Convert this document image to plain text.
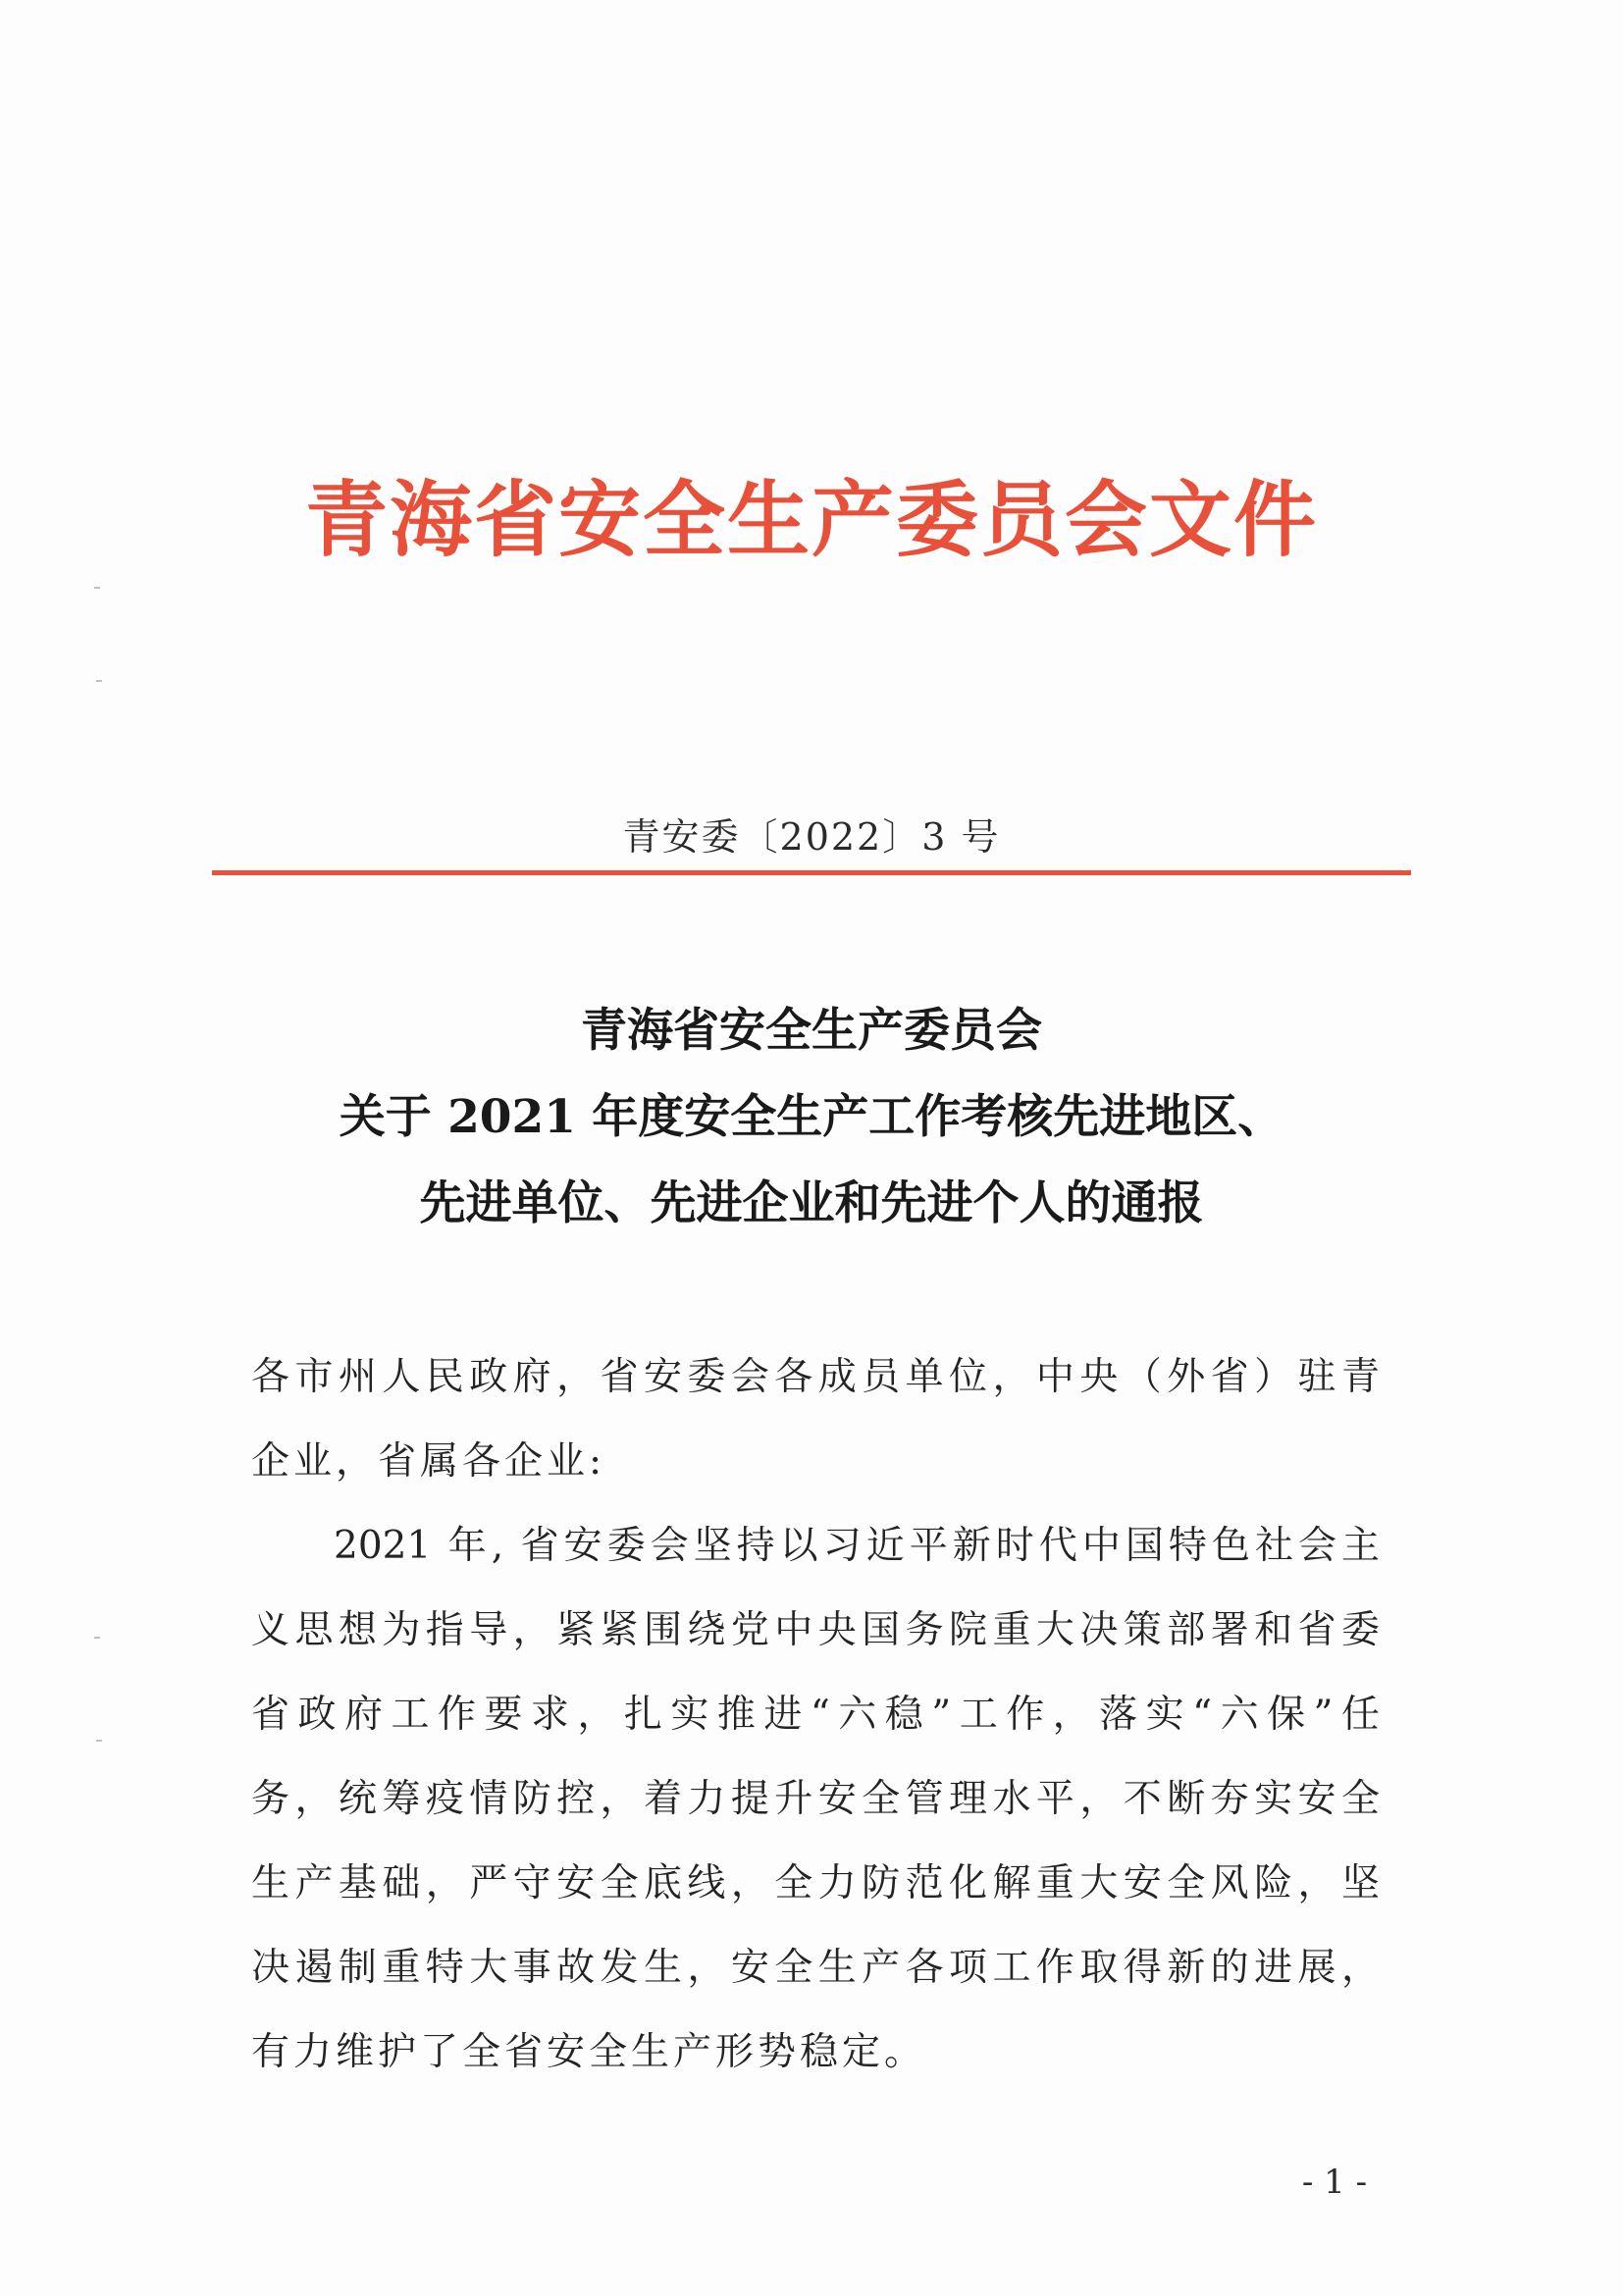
青海省安全生产委员会文件
青安委〔2022〕3 号
青海省安全生产委员会
关于 2021 年度安全生产工作考核先进地区、
先进单位、先进企业和先进个人的通报
各市州人民政府，省安委会各成员单位，中央（外省）驻青
企业，省属各企业:
2021 年, 省安委会坚持以习近平新时代中国特色社会主
义思想为指导，紧紧围绕党中央国务院重大决策部署和省委
省政府工作要求，扎实推进“六稳”工作，落实“六保”任
务，统筹疫情防控，着力提升安全管理水平，不断夯实安全
生产基础，严守安全底线，全力防范化解重大安全风险，坚
决遏制重特大事故发生，安全生产各项工作取得新的进展，
有力维护了全省安全生产形势稳定。
- 1 -
